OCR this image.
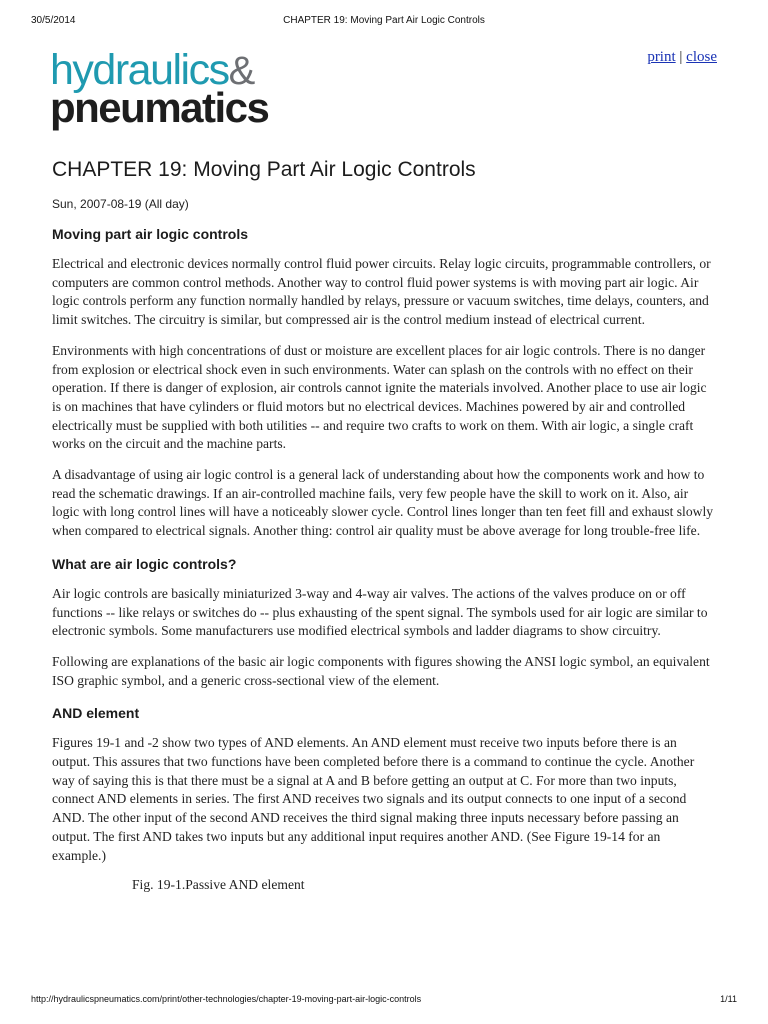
30/5/2014	CHAPTER 19: Moving Part Air Logic Controls
hydraulics&
pneumatics
print | close
CHAPTER 19: Moving Part Air Logic Controls
Sun, 2007-08-19 (All day)
Moving part air logic controls

Electrical and electronic devices normally control fluid power circuits. Relay logic circuits, programmable controllers, or computers are common control methods. Another way to control fluid power systems is with moving part air logic. Air logic controls perform any function normally handled by relays, pressure or vacuum switches, time delays, counters, and limit switches. The circuitry is similar, but compressed air is the control medium instead of electrical current.

Environments with high concentrations of dust or moisture are excellent places for air logic controls. There is no danger from explosion or electrical shock even in such environments. Water can splash on the controls with no effect on their operation. If there is danger of explosion, air controls cannot ignite the materials involved. Another place to use air logic is on machines that have cylinders or fluid motors but no electrical devices. Machines powered by air and controlled electrically must be supplied with both utilities -- and require two crafts to work on them. With air logic, a single craft works on the circuit and the machine parts.

A disadvantage of using air logic control is a general lack of understanding about how the components work and how to read the schematic drawings. If an air-controlled machine fails, very few people have the skill to work on it. Also, air logic with long control lines will have a noticeably slower cycle. Control lines longer than ten feet fill and exhaust slowly when compared to electrical signals. Another thing: control air quality must be above average for long trouble-free life.

What are air logic controls?

Air logic controls are basically miniaturized 3-way and 4-way air valves. The actions of the valves produce on or off functions -- like relays or switches do -- plus exhausting of the spent signal. The symbols used for air logic are similar to electronic symbols. Some manufacturers use modified electrical symbols and ladder diagrams to show circuitry.

Following are explanations of the basic air logic components with figures showing the ANSI logic symbol, an equivalent ISO graphic symbol, and a generic cross-sectional view of the element.

AND element

Figures 19-1 and -2 show two types of AND elements. An AND element must receive two inputs before there is an output. This assures that two functions have been completed before there is a command to continue the cycle. Another way of saying this is that there must be a signal at A and B before getting an output at C. For more than two inputs, connect AND elements in series. The first AND receives two signals and its output connects to one input of a second AND. The other input of the second AND receives the third signal making three inputs necessary before passing an output. The first AND takes two inputs but any additional input requires another AND. (See Figure 19-14 for an example.)

Fig. 19-1.Passive AND element
http://hydraulicspneumatics.com/print/other-technologies/chapter-19-moving-part-air-logic-controls	1/11
